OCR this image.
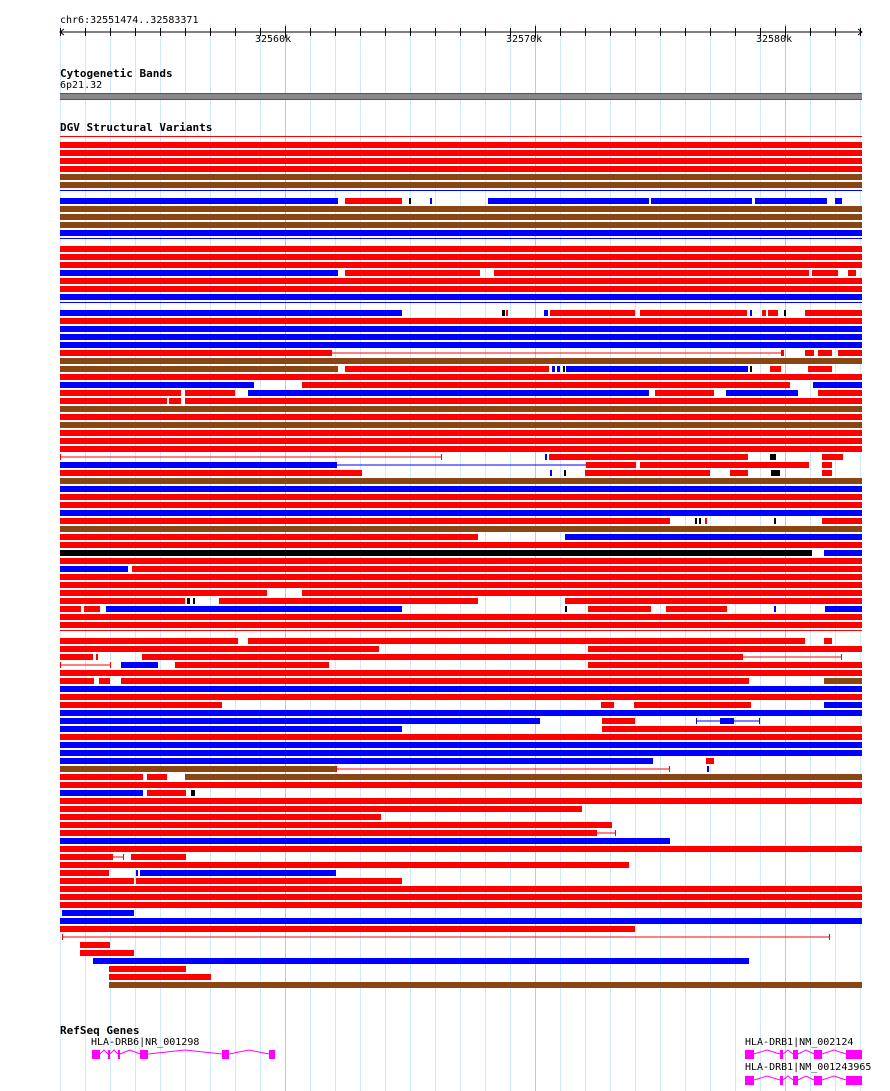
chr6:32551474..32583371
32560k	32570k	32580k
Cytogenetic Bands
6p21.32
DGV Structural Variants
RefSeq Genes
HLA-DRB6|NR_001298	HLA-DRB1|NM_002124
HLA-DRB1|NM_001243965
